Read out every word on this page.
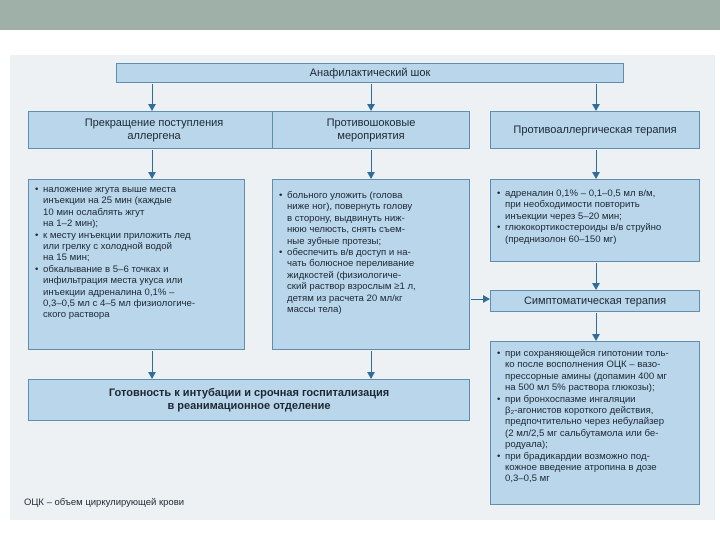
Анафилактический шок
Прекращение поступления
аллергена
Противошоковые
мероприятия
Противоаллергическая терапия
• наложение жгута выше места
инъекции на 25 мин (каждые
10 мин ослаблять жгут
на 1–2 мин);
• к месту инъекции приложить лед
или грелку с холодной водой
на 15 мин;
• обкалывание в 5–6 точках и
инфильтрация места укуса или
инъекции адреналина 0,1% –
0,3–0,5 мл с 4–5 мл физиологиче-
ского раствора
• больного уложить (голова
ниже ног), повернуть голову
в сторону, выдвинуть ниж-
нюю челюсть, снять съем-
ные зубные протезы;
• обеспечить в/в доступ и на-
чать болюсное переливание
жидкостей (физиологиче-
ский раствор взрослым ≥1 л,
детям из расчета 20 мл/кг
массы тела)
• адреналин 0,1% – 0,1–0,5 мл в/м,
при необходимости повторить
инъекции через 5–20 мин;
• глюкокортикостероиды в/в струйно
(преднизолон 60–150 мг)
Симптоматическая терапия
• при сохраняющейся гипотонии толь-
ко после восполнения ОЦК – вазо-
прессорные амины (допамин 400 мг
на 500 мл 5% раствора глюкозы);
• при бронхоспазме ингаляции
β₂-агонистов короткого действия,
предпочтительно через небулайзер
(2 мл/2,5 мг сальбутамола или бе-
родуала);
• при брадикардии возможно под-
кожное введение атропина в дозе
0,3–0,5 мг
Готовность к интубации и срочная госпитализация
в реанимационное отделение
ОЦК – объем циркулирующей крови
